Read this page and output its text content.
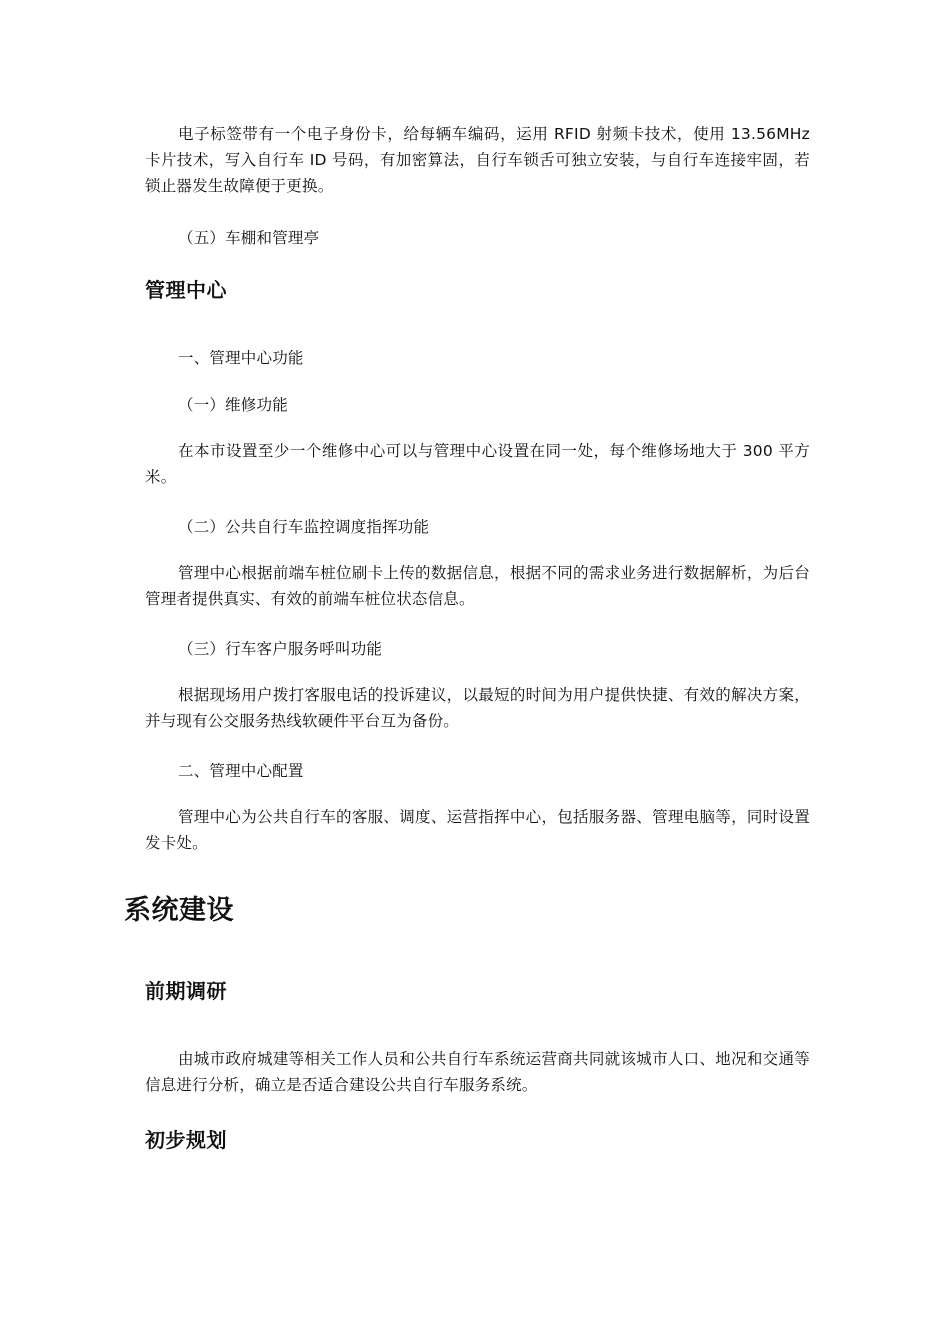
电子标签带有一个电子身份卡，给每辆车编码，运用 RFID 射频卡技术，使用 13.56MHz 卡片技术，写入自行车 ID 号码，有加密算法，自行车锁舌可独立安装，与自行车连接牢固，若锁止器发生故障便于更换。

（五）车棚和管理亭

管理中心

一、管理中心功能

（一）维修功能

在本市设置至少一个维修中心可以与管理中心设置在同一处，每个维修场地大于 300 平方米。

（二）公共自行车监控调度指挥功能

管理中心根据前端车桩位刷卡上传的数据信息，根据不同的需求业务进行数据解析，为后台管理者提供真实、有效的前端车桩位状态信息。

（三）行车客户服务呼叫功能

根据现场用户拨打客服电话的投诉建议，以最短的时间为用户提供快捷、有效的解决方案，并与现有公交服务热线软硬件平台互为备份。

二、管理中心配置

管理中心为公共自行车的客服、调度、运营指挥中心，包括服务器、管理电脑等，同时设置发卡处。

系统建设
前期调研

由城市政府城建等相关工作人员和公共自行车系统运营商共同就该城市人口、地况和交通等信息进行分析，确立是否适合建设公共自行车服务系统。

初步规划
